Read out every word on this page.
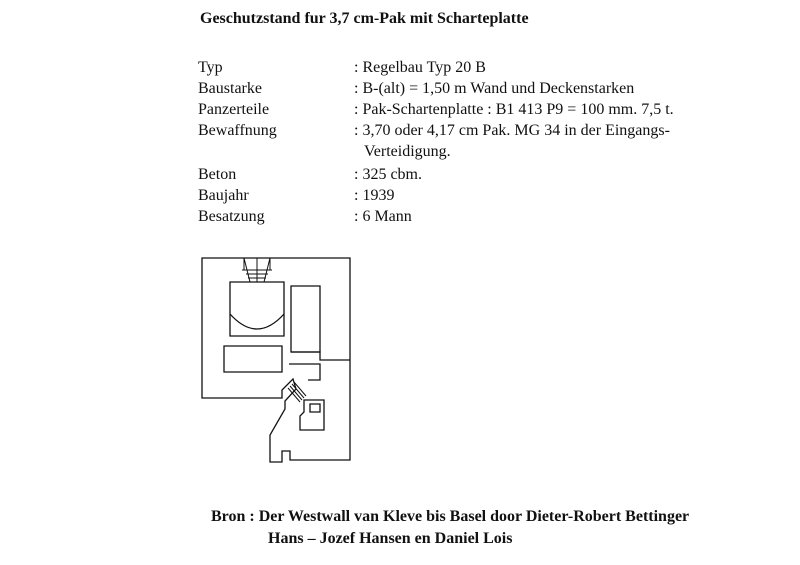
Geschutzstand fur 3,7 cm-Pak mit Scharteplatte
Typ	: Regelbau Typ 20 B
Baustarke	: B-(alt) = 1,50 m Wand und Deckenstarken
Panzerteile	: Pak-Schartenplatte : B1 413 P9 = 100 mm. 7,5 t.
Bewaffnung	: 3,70 oder 4,17 cm Pak. MG 34 in der Eingangs-
Verteidigung.
Beton	: 325 cbm.
Baujahr	: 1939
Besatzung	: 6 Mann
Bron : Der Westwall van Kleve bis Basel door Dieter-Robert Bettinger
Hans – Jozef Hansen en Daniel Lois
